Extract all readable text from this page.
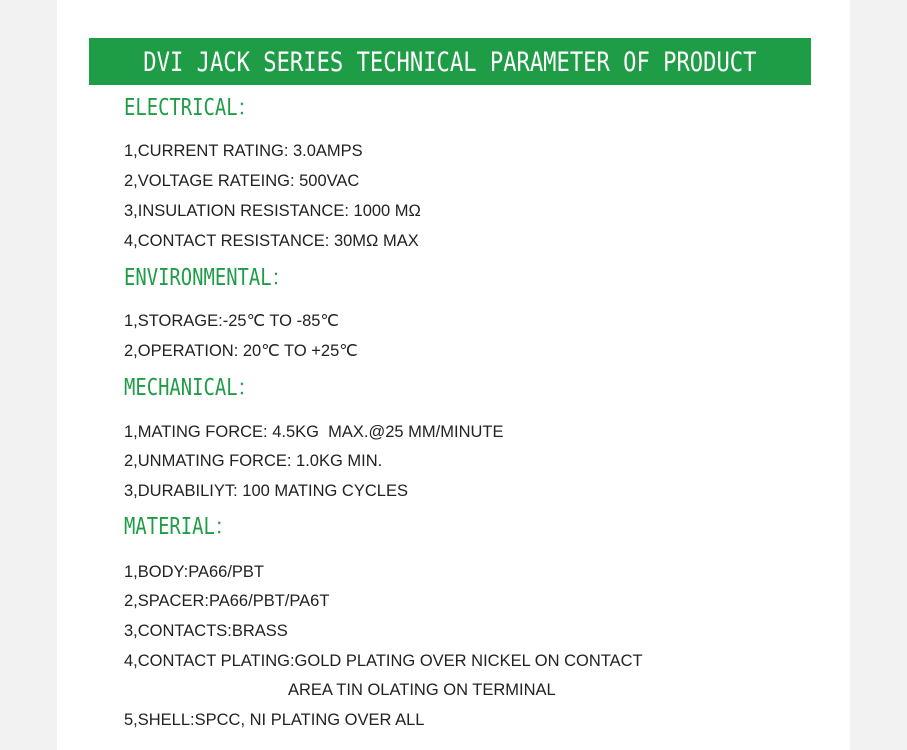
DVI JACK SERIES TECHNICAL PARAMETER OF PRODUCT
ELECTRICAL：
1,CURRENT RATING: 3.0AMPS
2,VOLTAGE RATEING: 500VAC
3,INSULATION RESISTANCE: 1000 MΩ
4,CONTACT RESISTANCE: 30MΩ MAX
ENVIRONMENTAL：
1,STORAGE:-25℃ TO -85℃
2,OPERATION: 20℃ TO +25℃
MECHANICAL：
1,MATING FORCE: 4.5KG  MAX.@25 MM/MINUTE
2,UNMATING FORCE: 1.0KG MIN.
3,DURABILIYT: 100 MATING CYCLES
MATERIAL：
1,BODY:PA66/PBT
2,SPACER:PA66/PBT/PA6T
3,CONTACTS:BRASS
4,CONTACT PLATING:GOLD PLATING OVER NICKEL ON CONTACT
AREA TIN OLATING ON TERMINAL
5,SHELL:SPCC, NI PLATING OVER ALL
